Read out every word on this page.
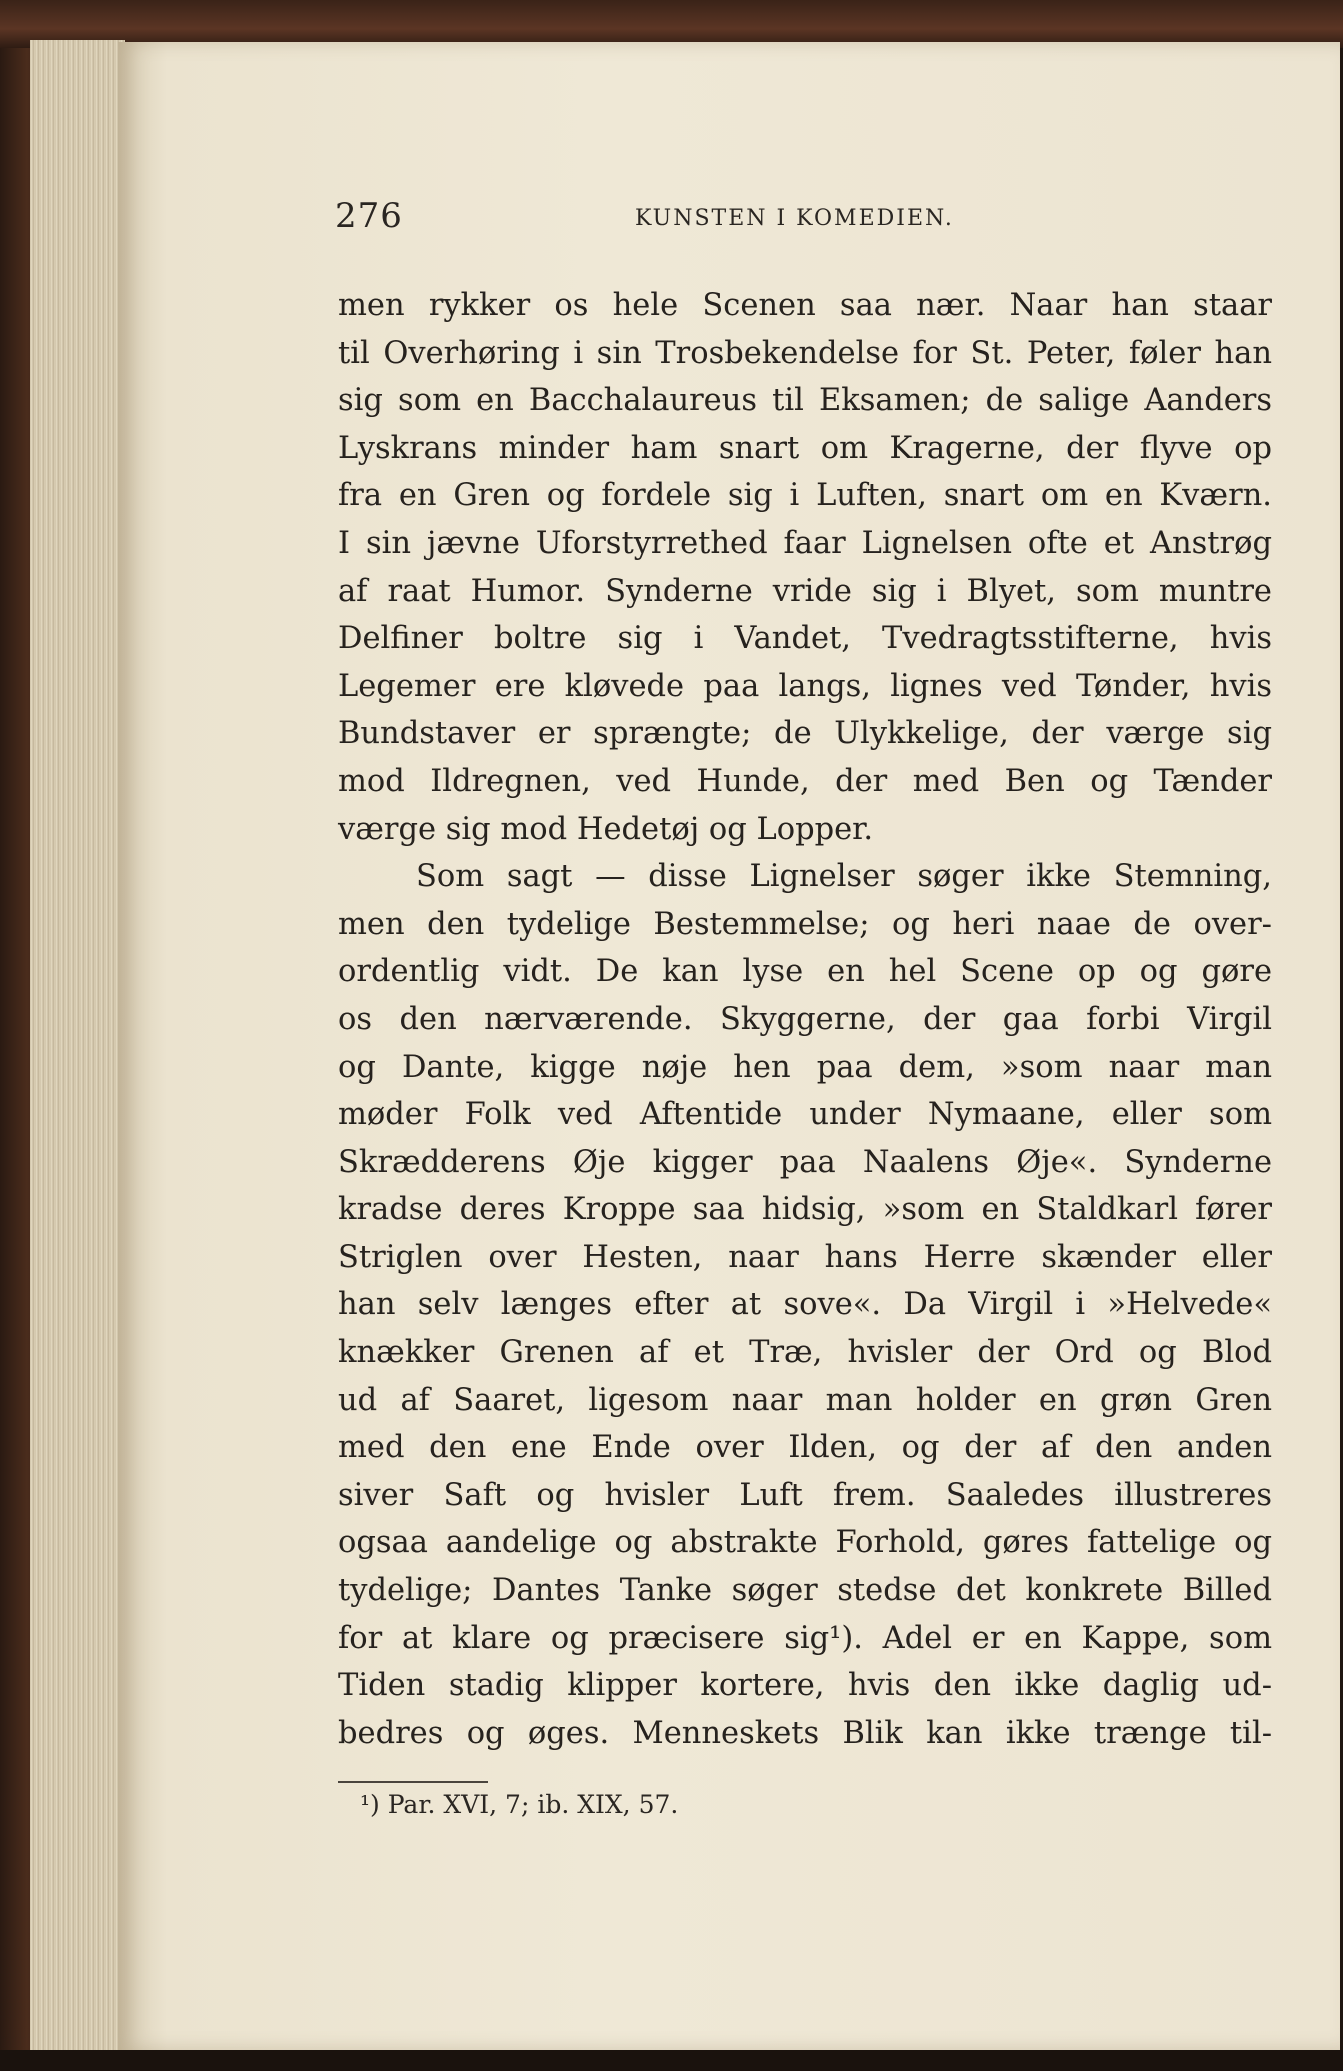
276	KUNSTEN I KOMEDIEN.
men rykker os hele Scenen saa nær. Naar han staar
til Overhøring i sin Trosbekendelse for St. Peter, føler han
sig som en Bacchalaureus til Eksamen; de salige Aanders
Lyskrans minder ham snart om Kragerne, der flyve op
fra en Gren og fordele sig i Luften, snart om en Kværn.
I sin jævne Uforstyrrethed faar Lignelsen ofte et Anstrøg
af raat Humor. Synderne vride sig i Blyet, som muntre
Delfiner boltre sig i Vandet, Tvedragtsstifterne, hvis
Legemer ere kløvede paa langs, lignes ved Tønder, hvis
Bundstaver er sprængte; de Ulykkelige, der værge sig
mod Ildregnen, ved Hunde, der med Ben og Tænder
værge sig mod Hedetøj og Lopper.
Som sagt — disse Lignelser søger ikke Stemning,
men den tydelige Bestemmelse; og heri naae de over-
ordentlig vidt. De kan lyse en hel Scene op og gøre
os den nærværende. Skyggerne, der gaa forbi Virgil
og Dante, kigge nøje hen paa dem, »som naar man
møder Folk ved Aftentide under Nymaane, eller som
Skrædderens Øje kigger paa Naalens Øje«. Synderne
kradse deres Kroppe saa hidsig, »som en Staldkarl fører
Striglen over Hesten, naar hans Herre skænder eller
han selv længes efter at sove«. Da Virgil i »Helvede«
knækker Grenen af et Træ, hvisler der Ord og Blod
ud af Saaret, ligesom naar man holder en grøn Gren
med den ene Ende over Ilden, og der af den anden
siver Saft og hvisler Luft frem. Saaledes illustreres
ogsaa aandelige og abstrakte Forhold, gøres fattelige og
tydelige; Dantes Tanke søger stedse det konkrete Billed
for at klare og præcisere sig¹). Adel er en Kappe, som
Tiden stadig klipper kortere, hvis den ikke daglig ud-
bedres og øges. Menneskets Blik kan ikke trænge til-
¹) Par. XVI, 7; ib. XIX, 57.
